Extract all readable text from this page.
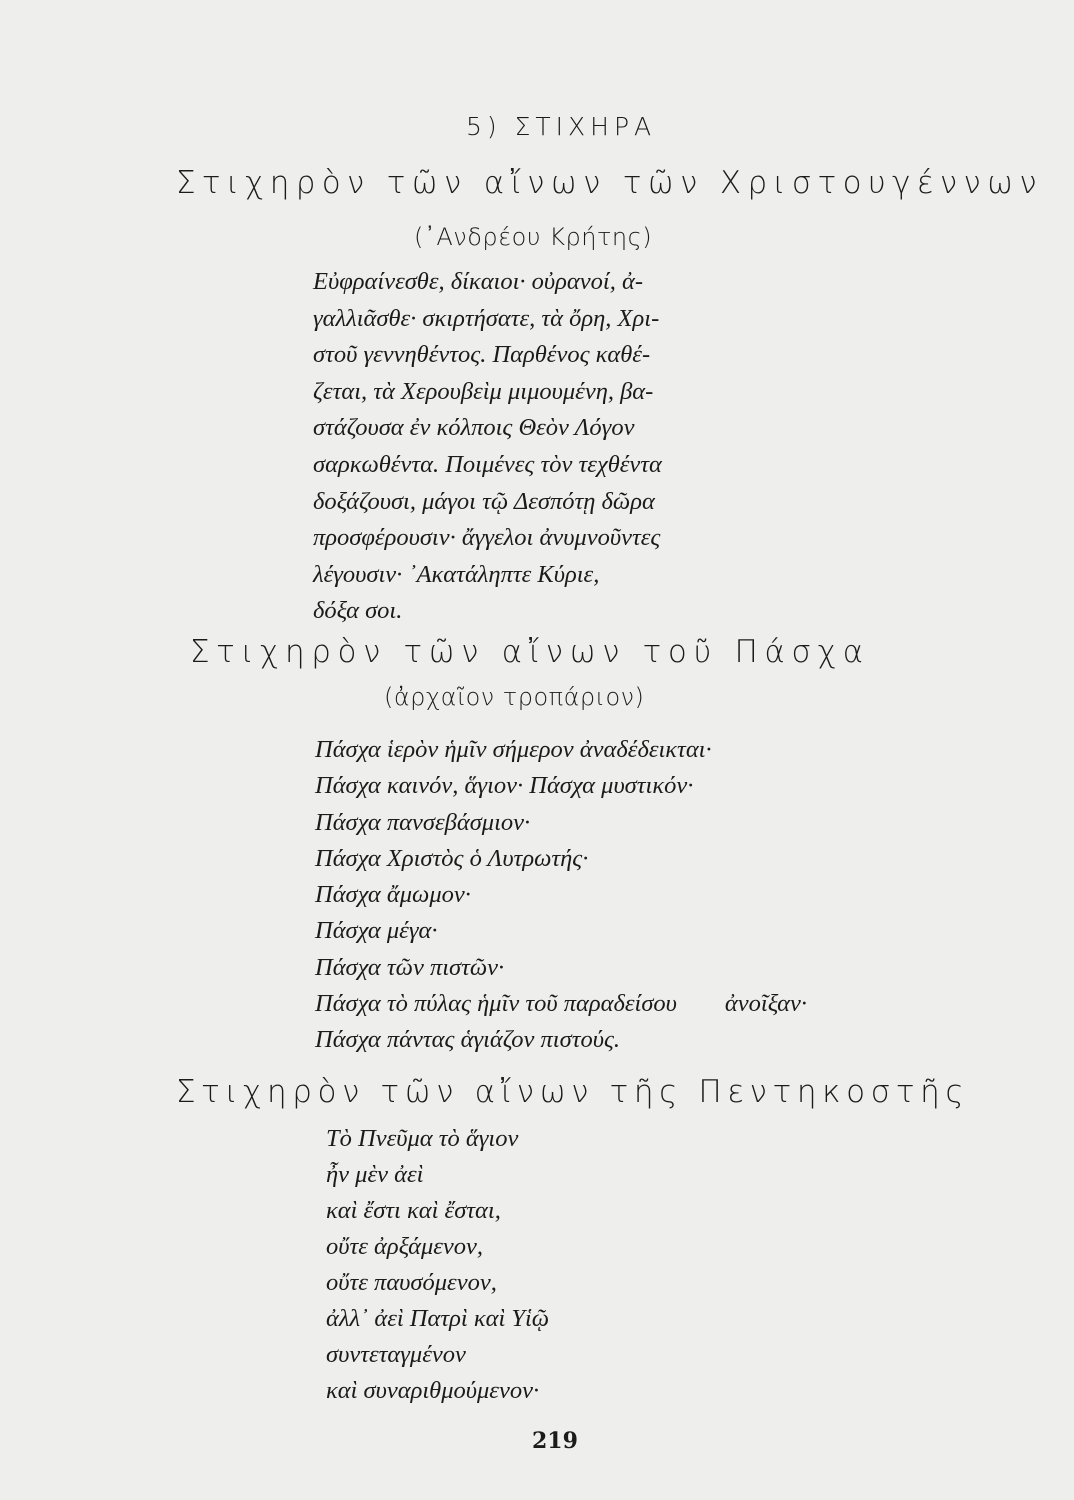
5) ΣΤΙΧΗΡΑ
Στιχηρὸν τῶν αἴνων τῶν Χριστουγέννων
(᾿Ανδρέου Κρήτης)
Εὐφραίνεσθε, δίκαιοι· οὐρανοί, ἀ-
γαλλιᾶσθε· σκιρτήσατε, τὰ ὄρη, Χρι-
στοῦ γεννηθέντος. Παρθένος καθέ-
ζεται, τὰ Χερουβεὶμ μιμουμένη, βα-
στάζουσα ἐν κόλποις Θεὸν Λόγον
σαρκωθέντα. Ποιμένες τὸν τεχθέντα
δοξάζουσι, μάγοι τῷ Δεσπότῃ δῶρα
προσφέρουσιν· ἄγγελοι ἀνυμνοῦντες
λέγουσιν· ᾿Ακατάληπτε Κύριε,
δόξα σοι.
Στιχηρὸν τῶν αἴνων τοῦ Πάσχα
(ἀρχαῖον τροπάριον)
Πάσχα ἱερὸν ἡμῖν σήμερον ἀναδέδεικται·
Πάσχα καινόν, ἅγιον· Πάσχα μυστικόν·
Πάσχα πανσεβάσμιον·
Πάσχα Χριστὸς ὁ Λυτρωτής·
Πάσχα ἄμωμον·
Πάσχα μέγα·
Πάσχα τῶν πιστῶν·
Πάσχα τὸ πύλας ἡμῖν τοῦ παραδείσου ἀνοῖξαν·
Πάσχα πάντας ἁγιάζον πιστούς.
Στιχηρὸν τῶν αἴνων τῆς Πεντηκοστῆς
Τὸ Πνεῦμα τὸ ἅγιον
ἦν μὲν ἀεὶ
καὶ ἔστι καὶ ἔσται,
οὔτε ἀρξάμενον,
οὔτε παυσόμενον,
ἀλλ᾿ ἀεὶ Πατρὶ καὶ Υἱῷ
συντεταγμένον
καὶ συναριθμούμενον·
219
